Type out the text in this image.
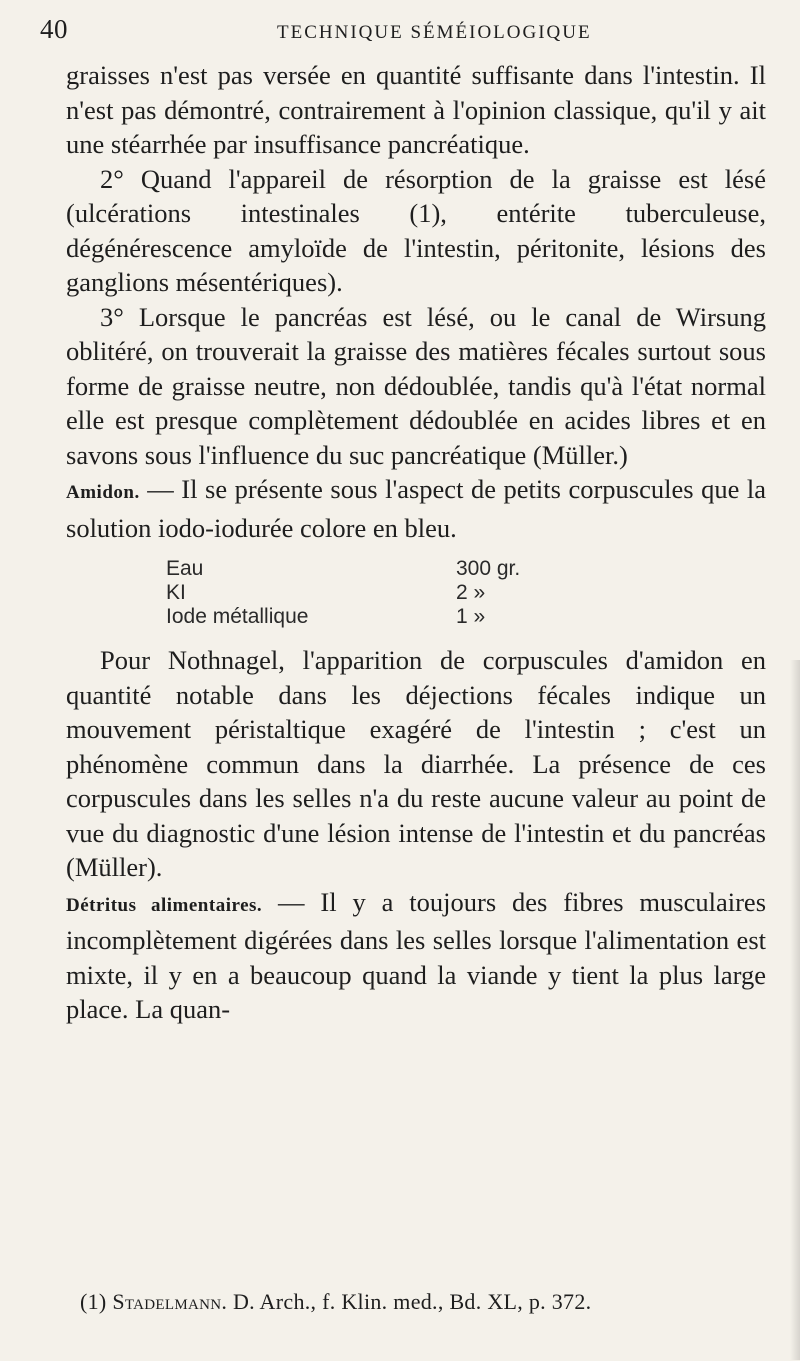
40	TECHNIQUE SÉMÉIOLOGIQUE

graisses n'est pas versée en quantité suffisante dans l'intestin. Il n'est pas démontré, contrairement à l'opinion classique, qu'il y ait une stéarrhée par insuffisance pancréatique.

2° Quand l'appareil de résorption de la graisse est lésé (ulcérations intestinales (1), entérite tuberculeuse, dégénérescence amyloïde de l'intestin, péritonite, lésions des ganglions mésentériques).

3° Lorsque le pancréas est lésé, ou le canal de Wirsung oblitéré, on trouverait la graisse des matières fécales surtout sous forme de graisse neutre, non dédoublée, tandis qu'à l'état normal elle est presque complètement dédoublée en acides libres et en savons sous l'influence du suc pancréatique (Müller.)

Amidon. — Il se présente sous l'aspect de petits corpuscules que la solution iodo-iodurée colore en bleu.

Eau	300 gr.
KI	2 »
Iode métallique	1 »

Pour Nothnagel, l'apparition de corpuscules d'amidon en quantité notable dans les déjections fécales indique un mouvement péristaltique exagéré de l'intestin ; c'est un phénomène commun dans la diarrhée. La présence de ces corpuscules dans les selles n'a du reste aucune valeur au point de vue du diagnostic d'une lésion intense de l'intestin et du pancréas (Müller).

Détritus alimentaires. — Il y a toujours des fibres musculaires incomplètement digérées dans les selles lorsque l'alimentation est mixte, il y en a beaucoup quand la viande y tient la plus large place. La quan-

(1) Stadelmann. D. Arch., f. Klin. med., Bd. XL, p. 372.
